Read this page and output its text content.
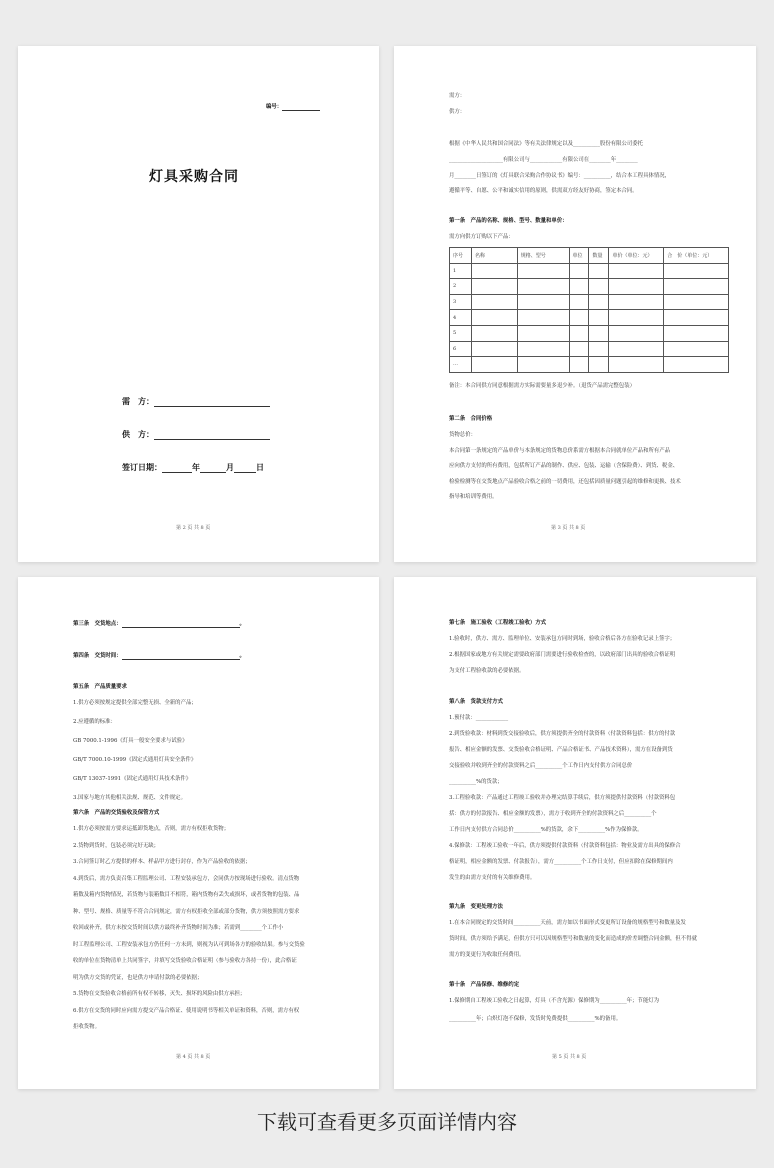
编号：
灯具采购合同
需　方：
供　方：
签订日期：	年	月	日
第 2 页 共 8 页
需方：
供方：
根据《中华人民共和国合同法》等有关法律规定以及__________股份有限公司委托
____________________有限公司与____________有限公司在________年________
月________日签订的《灯具联合采购合作协议书》编号：__________，结合本工程具体情况，
遵循平等、自愿、公平和诚实信用的原则，供需双方经友好协商，签定本合同。
第一条　产品的名称、规格、型号、数量和单价：
需方向供方订购以下产品：
序号	名称	规格、型号	单位	数量	单价（单位：元）	合　价（单位：元）
1						
2						
3						
4						
5						
6						
…						
备注：本合同供方同意根据需方实际需要量多退少补。（退货产品需完整包装）
第二条　合同价格
货物总价：
本合同第一条规定的产品单价与本条规定的货物总价系需方根据本合同就单位产品和所有产品
应向供方支付的所有费用，包括所订产品的制作、供应、包装、运输（含保险费）、到货、税金、
检验检测等在交货地点产品验收合格之前的一切费用，还包括因质量问题引起的维修和更换、技术
指导和培训等费用。
第 3 页 共 8 页
第三条　交货地点：	。
第四条　交货时间：	。
第五条　产品质量要求
1.供方必须按规定提供全部完整无损、全新的产品；
2.应遵循的标准：
GB 7000.1-1996《灯具一般安全要求与试验》
GB/T 7000.10-1999《固定式通用灯具安全条件》
GB/T 13037-1991《固定式通用灯具技术条件》
3.国家与地方其他相关法规、规范、文件规定。
第六条　产品的交货验收及保管方式
1.供方必须按需方要求运抵卸货地点，否则，需方有权拒收货物；
2.货物到货时，包装必须完好无缺；
3.合同签订时乙方提供的样本、样品甲方进行封存，作为产品验收的依据；
4.到货后，需方负责召集工程监理公司、工程安装承包方，会同供方按现场进行验收。清点货物
箱数及箱内货物情况，若货物与装箱数目不相符，箱内货物有丢失或损坏，或者货物的包装、品
种、型号、规格、质量等不符合合同规定，需方有权拒收全部或部分货物，供方须按照需方要求
收回或补齐，供方未按交货时间以供方最终补齐货物时间为准；若需到________个工作小
时工程监理公司、工程安装承包方仍任何一方未到，则视为认可到场各方的验收结果。参与交货验
收的单位在货物清单上共同签字，并填写交货验收合格证明（参与验收方各持一份），此合格证
明为供方交货的凭证，也是供方申请付款的必要依据；
5.货物在交货验收合格前所有权不转移，灭失、损坏的风险由供方承担；
6.供方在交货的同时应向需方提交产品合格证、使用说明书等相关单证和资料，否则，需方有权
拒收货物。
第 4 页 共 8 页
第七条　施工验收（工程竣工验收）方式
1.验收时，供方、需方、监理单位、安装承包方同时到场，验收合格后各方在验收记录上签字；
2.根据国家或地方有关规定需要政府部门需要进行验收检查的，以政府部门出具的验收合格证明
为支付工程验收款的必要依据。
第八条　货款支付方式
1.预付款：____________
2.到货验收款：材料到货交接验收后，供方须提供齐全的付款资料（付款资料包括：供方的付款
报告、相应金额的发票、交货验收合格证明、产品合格证书、产品技术资料），需方在设备到货
交接验收并收到齐全的付款资料之后__________个工作日内支付供方合同总价
__________%的货款；
3.工程验收款：产品通过工程竣工验收并办理完结算手续后，供方须提供付款资料（付款资料包
括：供方的付款报告、相应金额的发票），需方于收到齐全的付款资料之后__________个
工作日内支付供方合同总价__________%的货款，余下__________%作为保修款。
4.保修款：工程竣工验收一年后，供方须提供付款资料（付款资料包括：物业及需方出具的保修合
格证明，相应金额的发票、付款报告），需方__________个工作日支付，但应扣除在保修期间内
发生的由需方支付的有关维修费用。
第九条　变更处理方法
1.在本合同规定的交货时间__________天前，需方如以书面形式变更所订设备的规格型号和数量及发
货时间，供方须给予满足，但供方只可以因规格型号和数量的变化而造成的价差调整合同金额，但不得就
需方的变更行为收取任何费用。
第十条　产品保修、维修约定
1.保修期自工程竣工验收之日起算，灯具（不含光源）保修期为__________年；节能灯为
__________年；白炽灯泡不保修，发货时免费提供__________%的备用。
第 5 页 共 8 页
下载可查看更多页面详情内容
